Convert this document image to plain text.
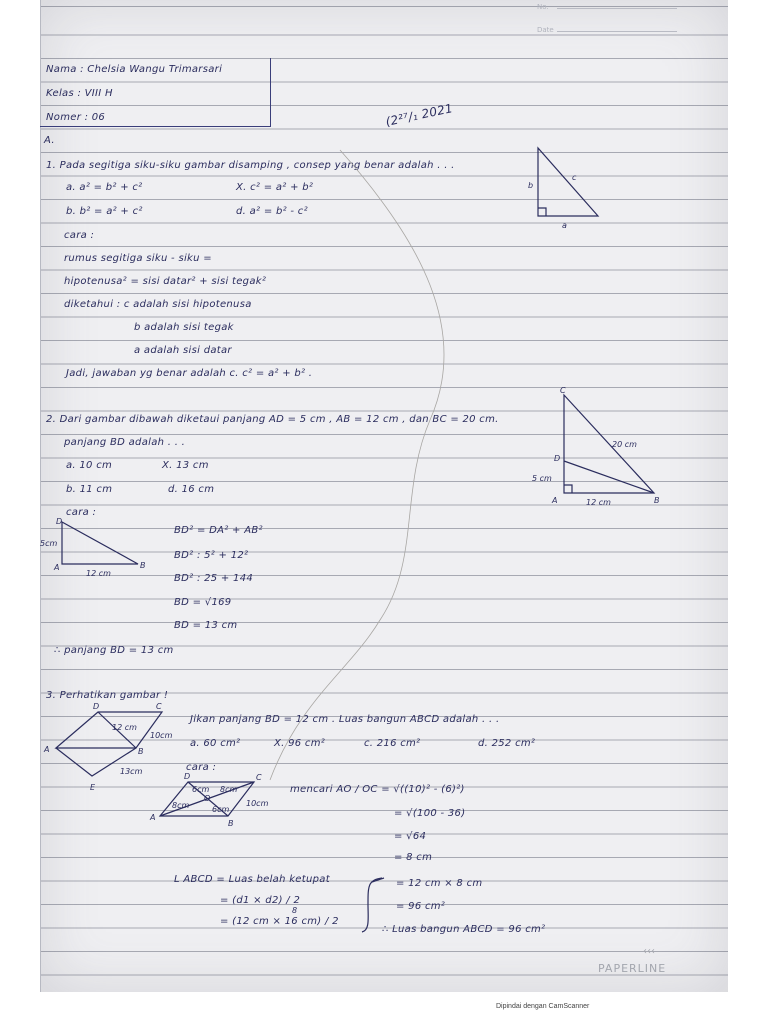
No.
Date
Nama : Chelsia Wangu Trimarsari
Kelas : VIII H
Nomer : 06	(2²⁷/₁ 2021
A.
1. Pada segitiga siku-siku gambar disamping , consep yang benar adalah . . .
a. a² = b² + c²	X. c² = a² + b²
b. b² = a² + c²	d. a² = b² - c²
cara :
rumus segitiga siku - siku =
hipotenusa² = sisi datar² + sisi tegak²
diketahui : c adalah sisi hipotenusa
b adalah sisi tegak
a adalah sisi datar
Jadi, jawaban yg benar adalah c. c² = a² + b² .
b
c
a
2. Dari gambar dibawah diketaui panjang AD = 5 cm , AB = 12 cm , dan BC = 20 cm.
panjang BD adalah . . .
a. 10 cm	X. 13 cm
b. 11 cm	d. 16 cm
cara :
BD² = DA² + AB²
BD² : 5² + 12²
BD² : 25 + 144
BD = √169
BD = 13 cm
∴ panjang BD = 13 cm
C
D
A	B
20 cm
5 cm
12 cm
D
A	B
5cm
12 cm
3. Perhatikan gambar !
Jikan panjang BD = 12 cm . Luas bangun ABCD adalah . . .
a. 60 cm²	X. 96 cm²	c. 216 cm²	d. 252 cm²
cara :
mencari AO / OC = √((10)² - (6)²)
= √(100 - 36)
= √64
= 8 cm
L ABCD = Luas belah ketupat
= (d1 × d2) / 2
= (12 cm × 16 cm) / 2
8
= 12 cm × 8 cm
= 96 cm²
∴ Luas bangun ABCD = 96 cm²
D	C
A	B
E
12 cm
10cm
13cm
D	C
A
B
O
6cm
8cm
6cm
8cm	10cm
‹‹‹
PAPERLINE
Dipindai dengan CamScanner
